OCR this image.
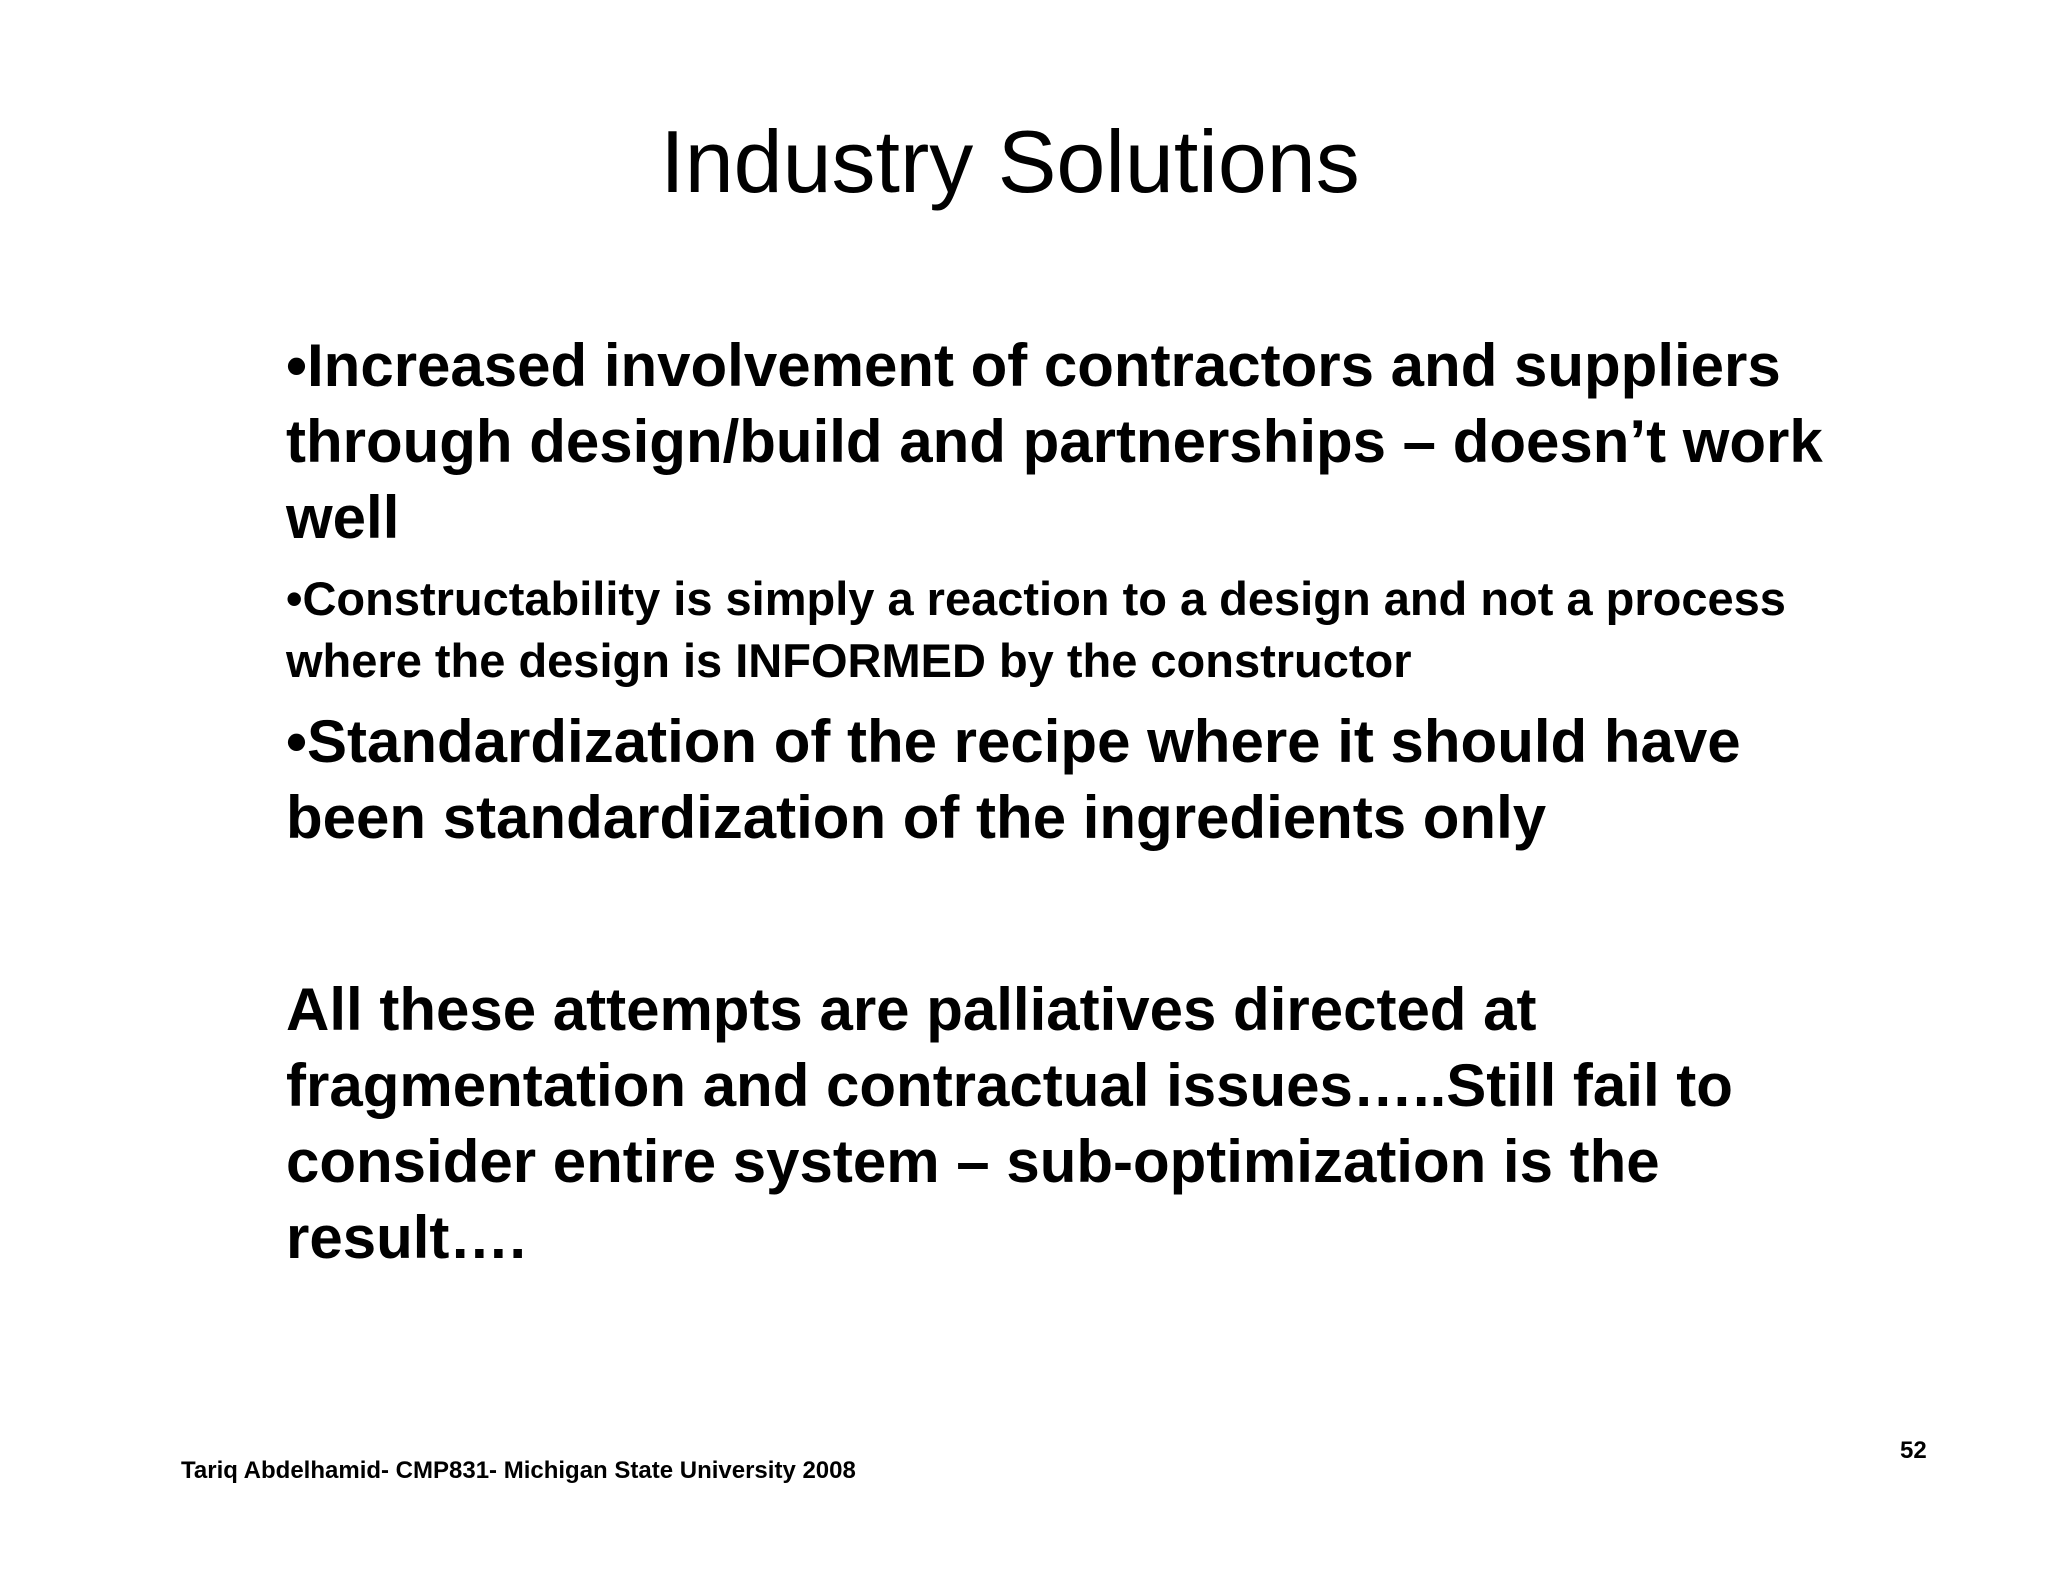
Industry Solutions

•Increased involvement of contractors and suppliers through design/build and partnerships – doesn’t work well

•Constructability is simply a reaction to a design and not a process where the design is INFORMED by the constructor

•Standardization of the recipe where it should have been standardization of the ingredients only

All these attempts are palliatives directed at fragmentation and contractual issues…..Still fail to consider entire system – sub-optimization is the result….

Tariq Abdelhamid- CMP831- Michigan State University 2008
52
